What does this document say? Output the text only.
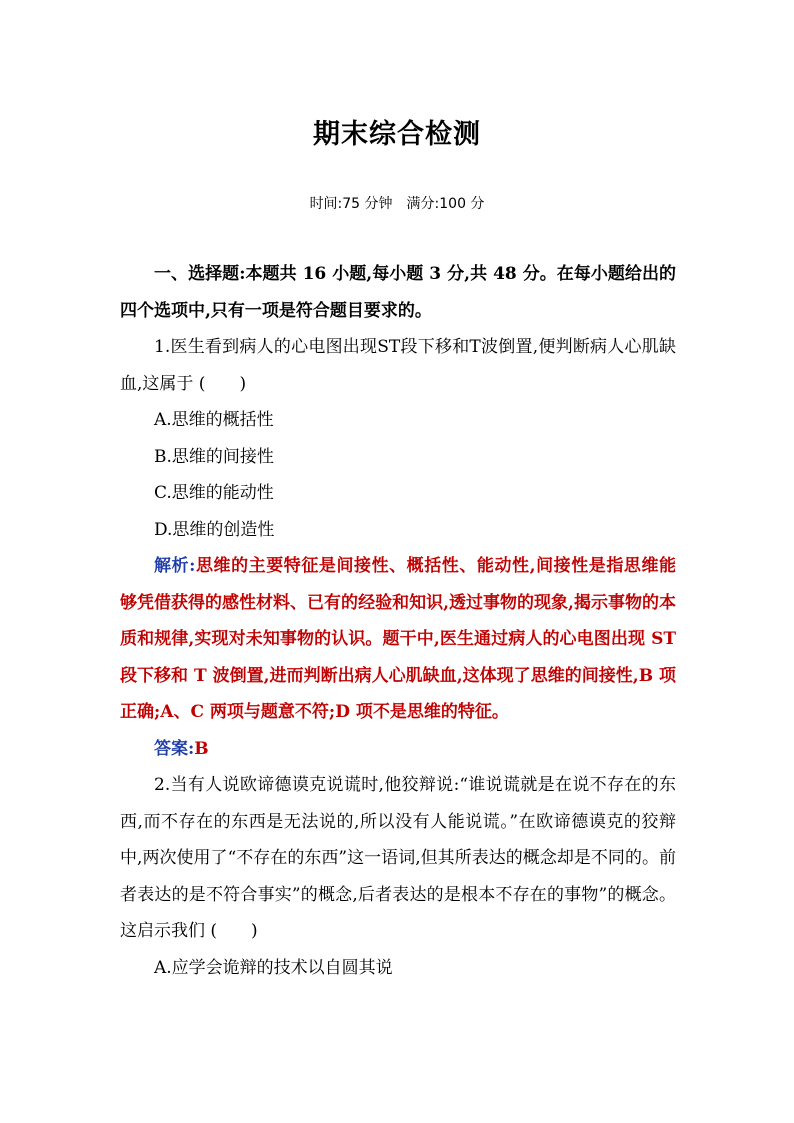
期末综合检测
时间:75 分钟　满分:100 分

一、选择题:本题共 16 小题,每小题 3 分,共 48 分。在每小题给出的四个选项中,只有一项是符合题目要求的。

1.医生看到病人的心电图出现ST段下移和T波倒置,便判断病人心肌缺血,这属于 (　　)

A.思维的概括性

B.思维的间接性

C.思维的能动性

D.思维的创造性

解析:思维的主要特征是间接性、概括性、能动性,间接性是指思维能够凭借获得的感性材料、已有的经验和知识,透过事物的现象,揭示事物的本质和规律,实现对未知事物的认识。题干中,医生通过病人的心电图出现 ST 段下移和 T 波倒置,进而判断出病人心肌缺血,这体现了思维的间接性,B 项正确;A、C 两项与题意不符;D 项不是思维的特征。

答案:B

2.当有人说欧谛德谟克说谎时,他狡辩说:“谁说谎就是在说不存在的东西,而不存在的东西是无法说的,所以没有人能说谎。”在欧谛德谟克的狡辩中,两次使用了“不存在的东西”这一语词,但其所表达的概念却是不同的。前者表达的是不符合事实”的概念,后者表达的是根本不存在的事物”的概念。这启示我们 (　　)

A.应学会诡辩的技术以自圆其说
